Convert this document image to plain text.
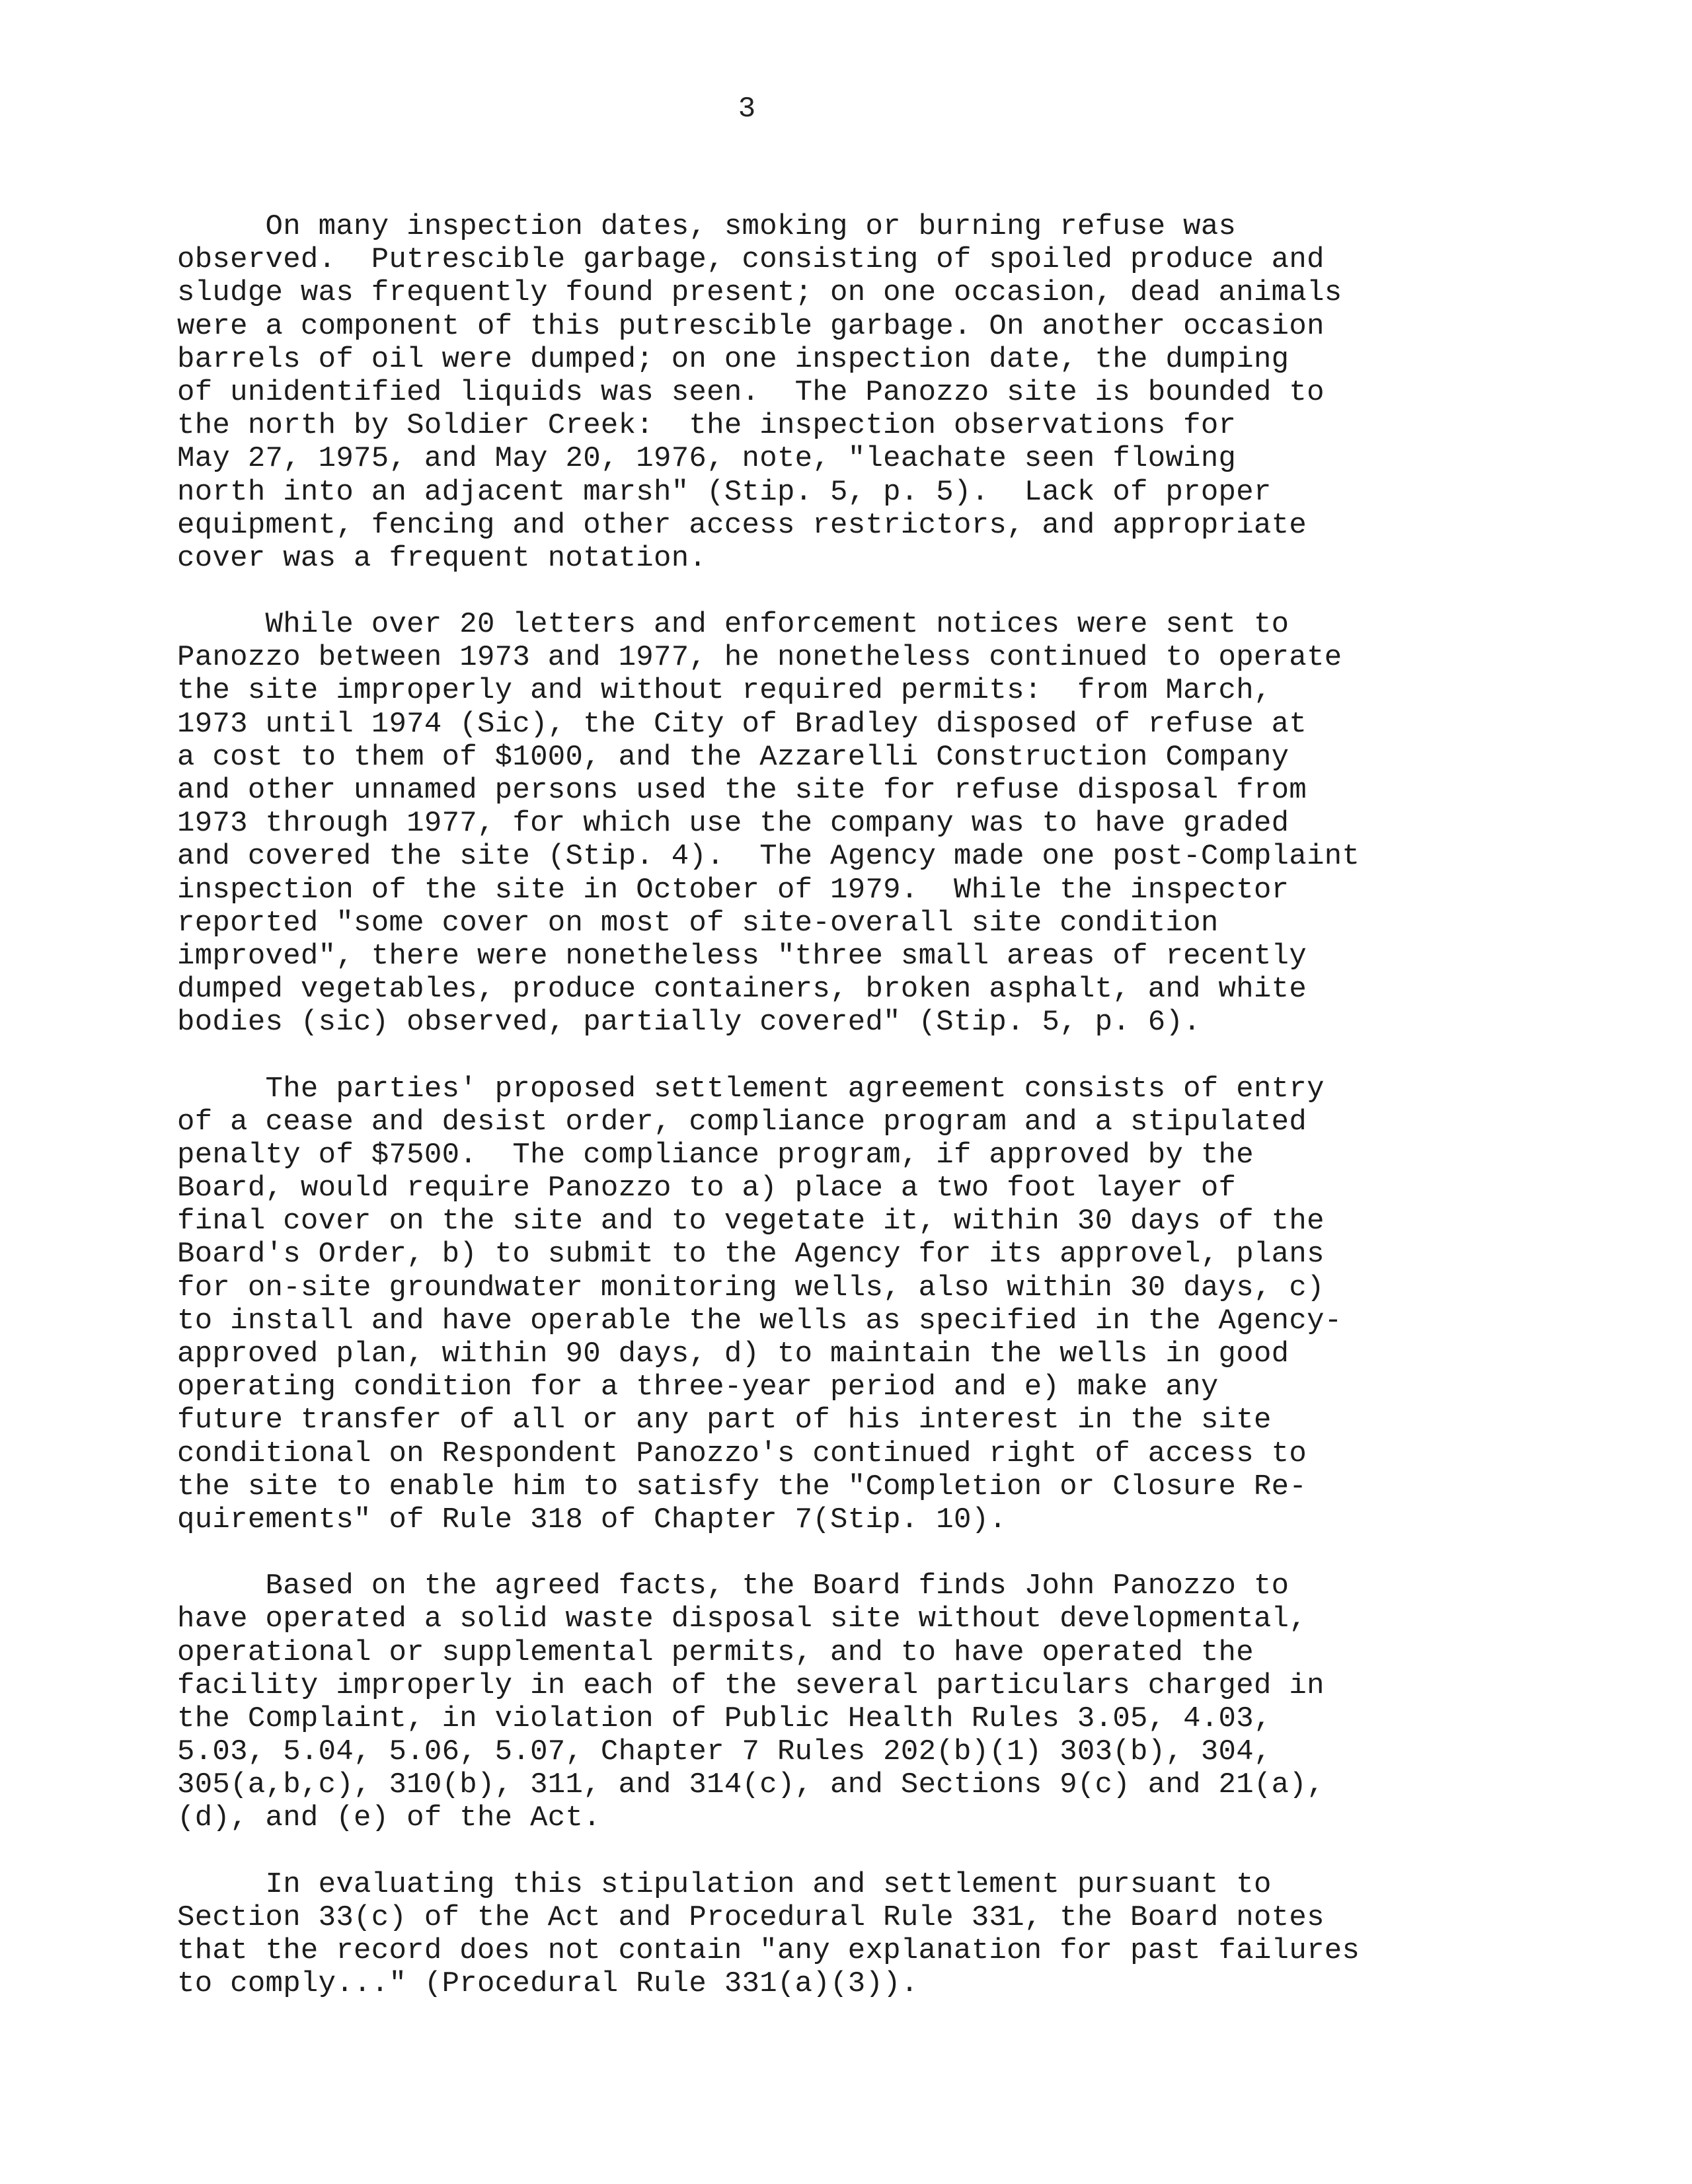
3
On many inspection dates, smoking or burning refuse was
observed.  Putrescible garbage, consisting of spoiled produce and
sludge was frequently found present; on one occasion, dead animals
were a component of this putrescible garbage. On another occasion
barrels of oil were dumped; on one inspection date, the dumping
of unidentified liquids was seen.  The Panozzo site is bounded to
the north by Soldier Creek:  the inspection observations for
May 27, 1975, and May 20, 1976, note, "leachate seen flowing
north into an adjacent marsh" (Stip. 5, p. 5).  Lack of proper
equipment, fencing and other access restrictors, and appropriate
cover was a frequent notation.
While over 20 letters and enforcement notices were sent to
Panozzo between 1973 and 1977, he nonetheless continued to operate
the site improperly and without required permits:  from March,
1973 until 1974 (Sic), the City of Bradley disposed of refuse at
a cost to them of $1000, and the Azzarelli Construction Company
and other unnamed persons used the site for refuse disposal from
1973 through 1977, for which use the company was to have graded
and covered the site (Stip. 4).  The Agency made one post-Complaint
inspection of the site in October of 1979.  While the inspector
reported "some cover on most of site-overall site condition
improved", there were nonetheless "three small areas of recently
dumped vegetables, produce containers, broken asphalt, and white
bodies (sic) observed, partially covered" (Stip. 5, p. 6).
The parties' proposed settlement agreement consists of entry
of a cease and desist order, compliance program and a stipulated
penalty of $7500.  The compliance program, if approved by the
Board, would require Panozzo to a) place a two foot layer of
final cover on the site and to vegetate it, within 30 days of the
Board's Order, b) to submit to the Agency for its approvel, plans
for on-site groundwater monitoring wells, also within 30 days, c)
to install and have operable the wells as specified in the Agency-
approved plan, within 90 days, d) to maintain the wells in good
operating condition for a three-year period and e) make any
future transfer of all or any part of his interest in the site
conditional on Respondent Panozzo's continued right of access to
the site to enable him to satisfy the "Completion or Closure Re-
quirements" of Rule 318 of Chapter 7(Stip. 10).
Based on the agreed facts, the Board finds John Panozzo to
have operated a solid waste disposal site without developmental,
operational or supplemental permits, and to have operated the
facility improperly in each of the several particulars charged in
the Complaint, in violation of Public Health Rules 3.05, 4.03,
5.03, 5.04, 5.06, 5.07, Chapter 7 Rules 202(b)(1) 303(b), 304,
305(a,b,c), 310(b), 311, and 314(c), and Sections 9(c) and 21(a),
(d), and (e) of the Act.
In evaluating this stipulation and settlement pursuant to
Section 33(c) of the Act and Procedural Rule 331, the Board notes
that the record does not contain "any explanation for past failures
to comply..." (Procedural Rule 331(a)(3)).
